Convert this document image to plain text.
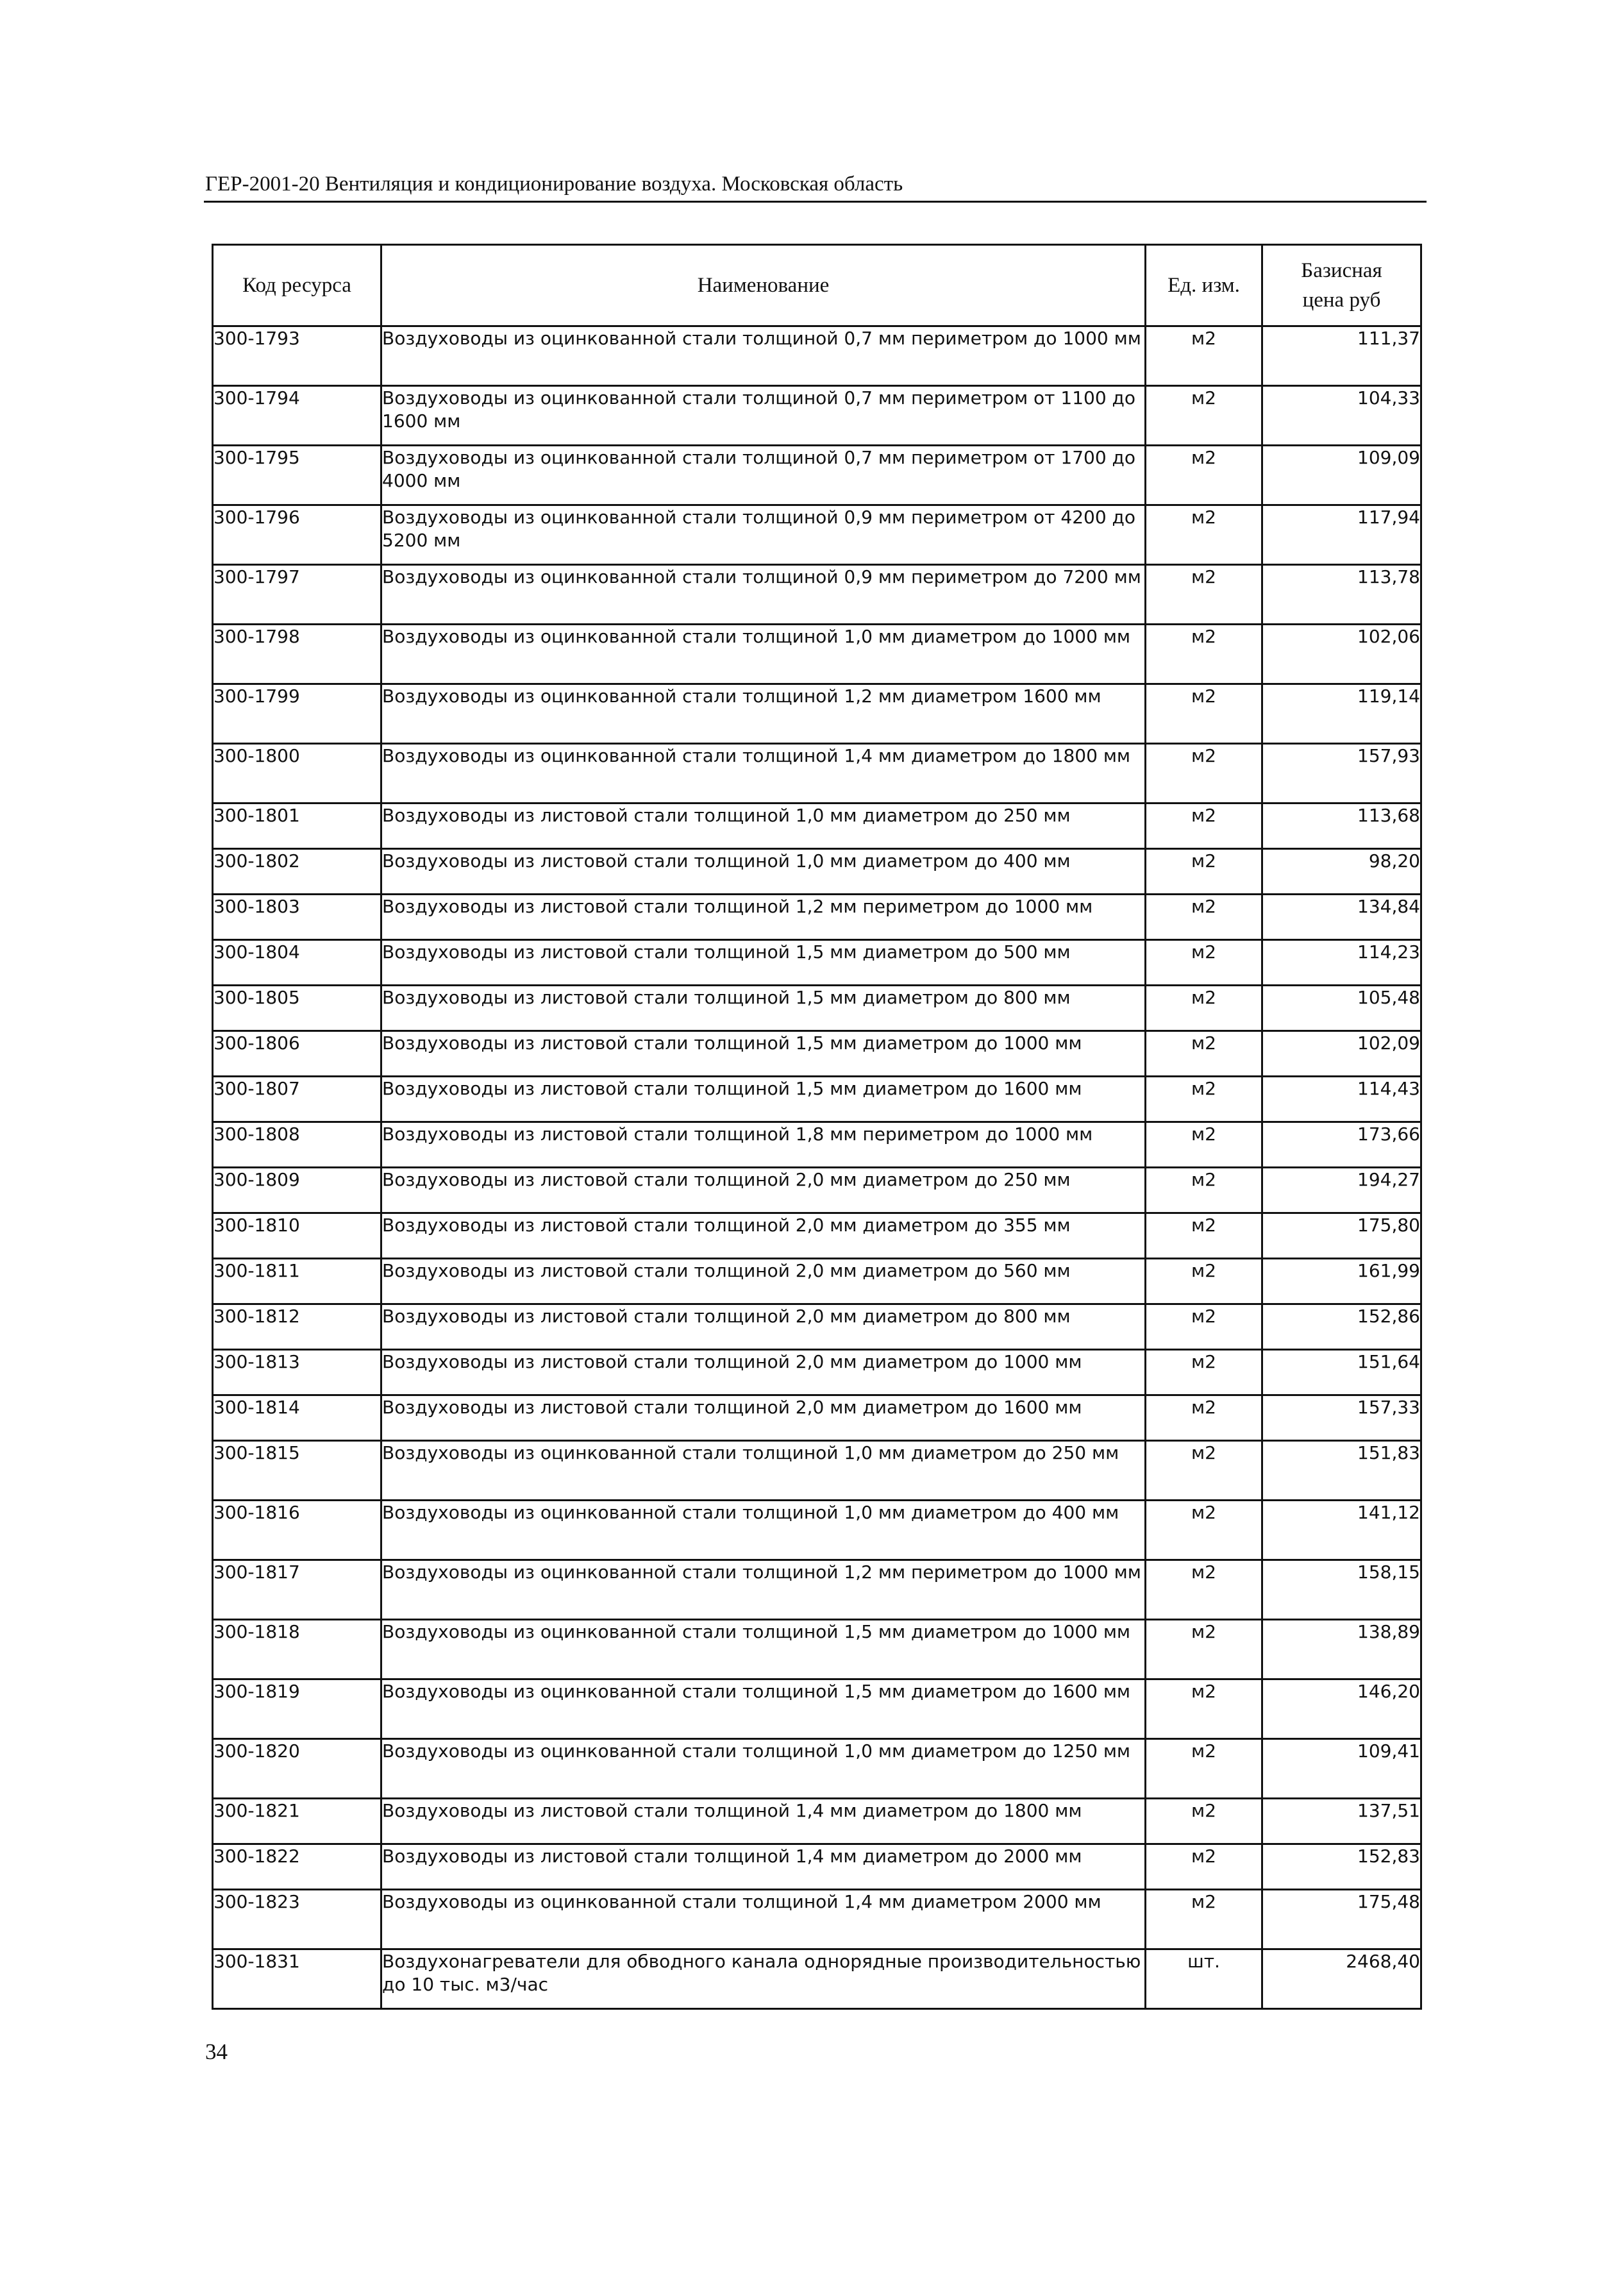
ГЕР-2001-20 Вентиляция и кондиционирование воздуха. Московская область
Код ресурса	Наименование	Ед. изм.	Базисная цена руб
300-1793	Воздуховоды из оцинкованной стали толщиной 0,7 мм периметром до 1000 мм	м2	111,37
300-1794	Воздуховоды из оцинкованной стали толщиной 0,7 мм периметром от 1100 до 1600 мм	м2	104,33
300-1795	Воздуховоды из оцинкованной стали толщиной 0,7 мм периметром от 1700 до 4000 мм	м2	109,09
300-1796	Воздуховоды из оцинкованной стали толщиной 0,9 мм периметром от 4200 до 5200 мм	м2	117,94
300-1797	Воздуховоды из оцинкованной стали толщиной 0,9 мм периметром до 7200 мм	м2	113,78
300-1798	Воздуховоды из оцинкованной стали толщиной 1,0 мм диаметром до 1000 мм	м2	102,06
300-1799	Воздуховоды из оцинкованной стали толщиной 1,2 мм диаметром 1600 мм	м2	119,14
300-1800	Воздуховоды из оцинкованной стали толщиной 1,4 мм диаметром до 1800 мм	м2	157,93
300-1801	Воздуховоды из листовой стали толщиной 1,0 мм диаметром до 250 мм	м2	113,68
300-1802	Воздуховоды из листовой стали толщиной 1,0 мм диаметром до 400 мм	м2	98,20
300-1803	Воздуховоды из листовой стали толщиной 1,2 мм периметром до 1000 мм	м2	134,84
300-1804	Воздуховоды из листовой стали толщиной 1,5 мм диаметром до 500 мм	м2	114,23
300-1805	Воздуховоды из листовой стали толщиной 1,5 мм диаметром до 800 мм	м2	105,48
300-1806	Воздуховоды из листовой стали толщиной 1,5 мм диаметром до 1000 мм	м2	102,09
300-1807	Воздуховоды из листовой стали толщиной 1,5 мм диаметром до 1600 мм	м2	114,43
300-1808	Воздуховоды из листовой стали толщиной 1,8 мм периметром до 1000 мм	м2	173,66
300-1809	Воздуховоды из листовой стали толщиной 2,0 мм диаметром до 250 мм	м2	194,27
300-1810	Воздуховоды из листовой стали толщиной 2,0 мм диаметром до 355 мм	м2	175,80
300-1811	Воздуховоды из листовой стали толщиной 2,0 мм диаметром до 560 мм	м2	161,99
300-1812	Воздуховоды из листовой стали толщиной 2,0 мм диаметром до 800 мм	м2	152,86
300-1813	Воздуховоды из листовой стали толщиной 2,0 мм диаметром до 1000 мм	м2	151,64
300-1814	Воздуховоды из листовой стали толщиной 2,0 мм диаметром до 1600 мм	м2	157,33
300-1815	Воздуховоды из оцинкованной стали толщиной 1,0 мм диаметром до 250 мм	м2	151,83
300-1816	Воздуховоды из оцинкованной стали толщиной 1,0 мм диаметром до 400 мм	м2	141,12
300-1817	Воздуховоды из оцинкованной стали толщиной 1,2 мм периметром до 1000 мм	м2	158,15
300-1818	Воздуховоды из оцинкованной стали толщиной 1,5 мм диаметром до 1000 мм	м2	138,89
300-1819	Воздуховоды из оцинкованной стали толщиной 1,5 мм диаметром до 1600 мм	м2	146,20
300-1820	Воздуховоды из оцинкованной стали толщиной 1,0 мм диаметром до 1250 мм	м2	109,41
300-1821	Воздуховоды из листовой стали толщиной 1,4 мм диаметром до 1800 мм	м2	137,51
300-1822	Воздуховоды из листовой стали толщиной 1,4 мм диаметром до 2000 мм	м2	152,83
300-1823	Воздуховоды из оцинкованной стали толщиной 1,4 мм диаметром 2000 мм	м2	175,48
300-1831	Воздухонагреватели для обводного канала однорядные производительностью до 10 тыс. м3/час	шт.	2468,40
34
